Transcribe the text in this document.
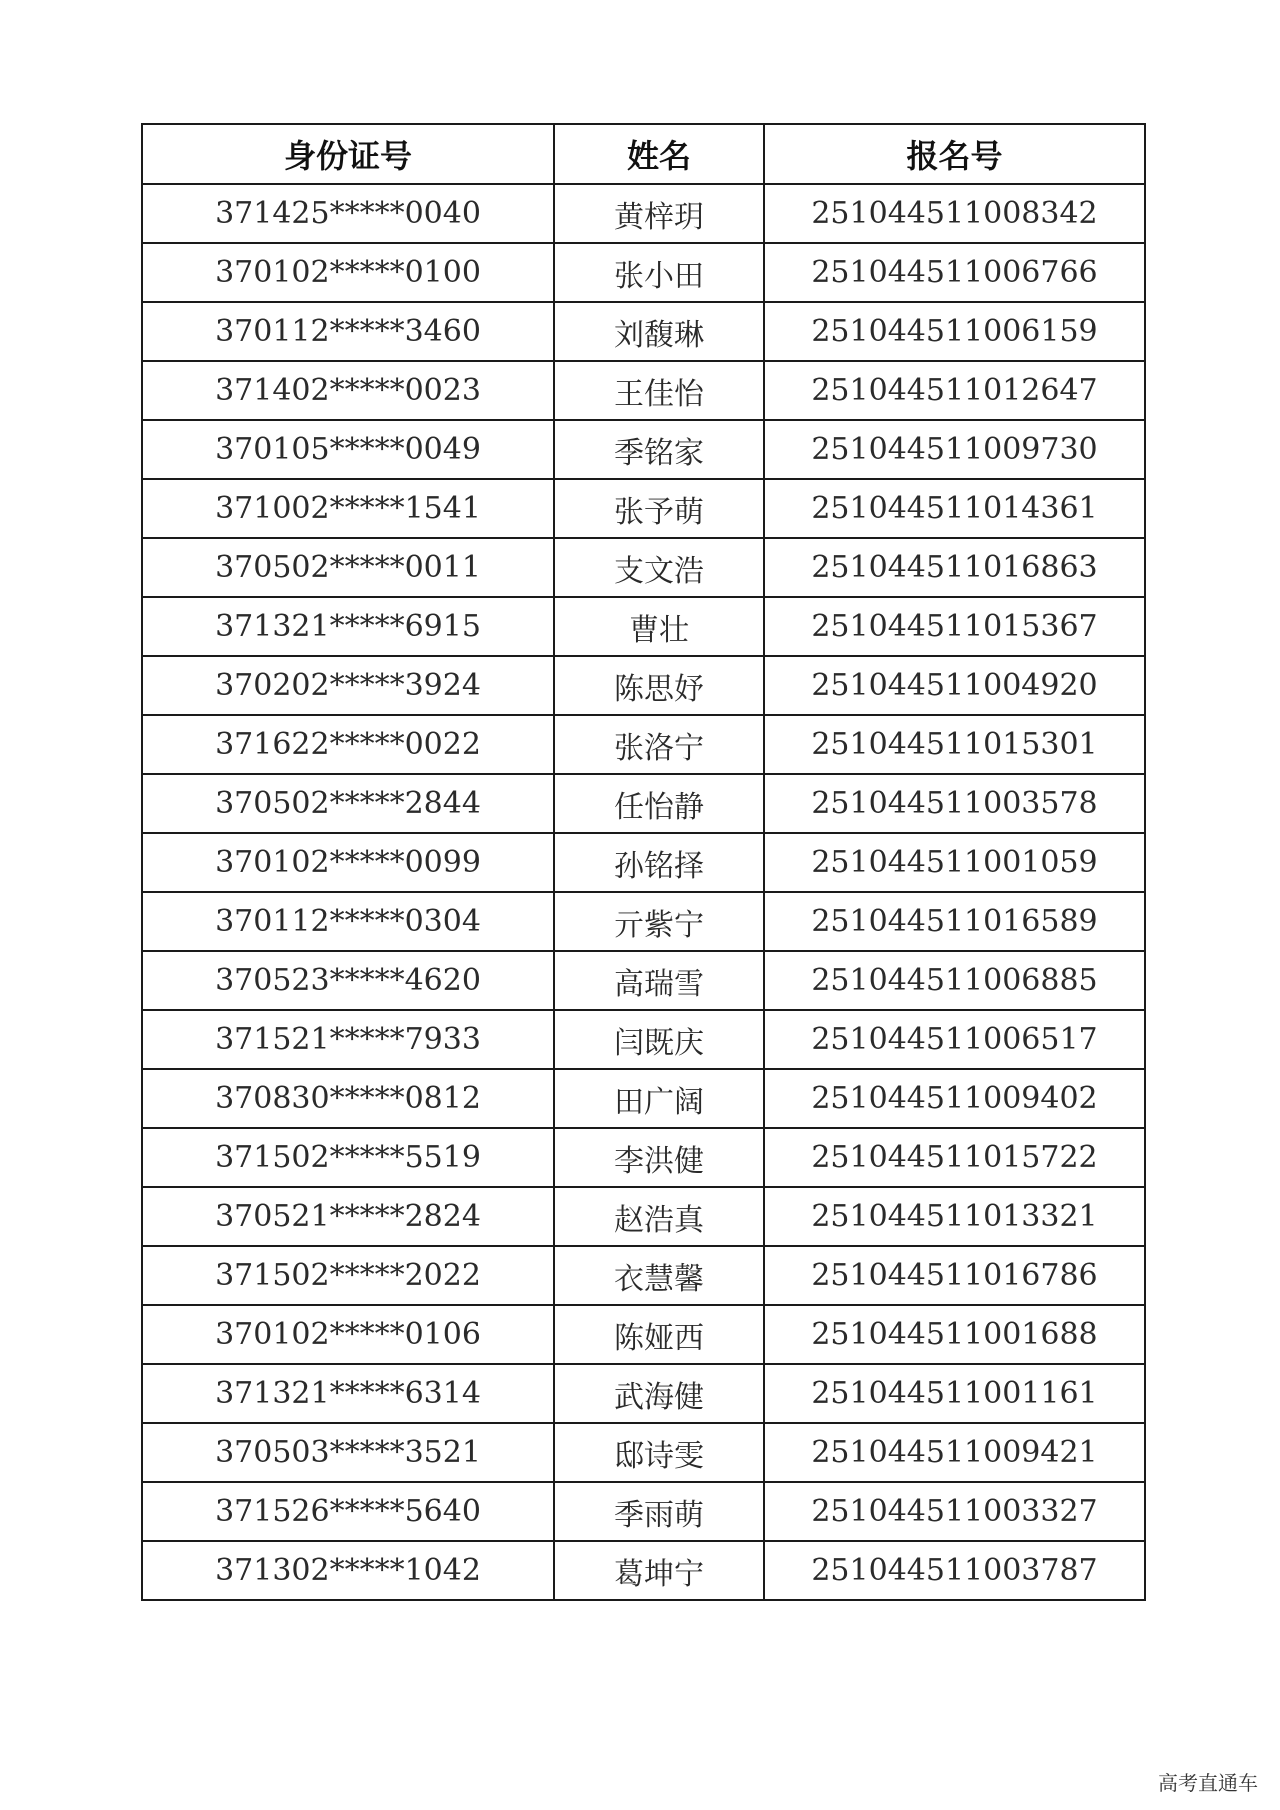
身份证号	姓名	报名号
371425*****0040	黄梓玥	251044511008342
370102*****0100	张小田	251044511006766
370112*****3460	刘馥琳	251044511006159
371402*****0023	王佳怡	251044511012647
370105*****0049	季铭家	251044511009730
371002*****1541	张予萌	251044511014361
370502*****0011	支文浩	251044511016863
371321*****6915	曹壮	251044511015367
370202*****3924	陈思妤	251044511004920
371622*****0022	张洛宁	251044511015301
370502*****2844	任怡静	251044511003578
370102*****0099	孙铭择	251044511001059
370112*****0304	亓紫宁	251044511016589
370523*****4620	高瑞雪	251044511006885
371521*****7933	闫既庆	251044511006517
370830*****0812	田广阔	251044511009402
371502*****5519	李洪健	251044511015722
370521*****2824	赵浩真	251044511013321
371502*****2022	衣慧馨	251044511016786
370102*****0106	陈娅西	251044511001688
371321*****6314	武海健	251044511001161
370503*****3521	邸诗雯	251044511009421
371526*****5640	季雨萌	251044511003327
371302*****1042	葛坤宁	251044511003787
高考直通车
